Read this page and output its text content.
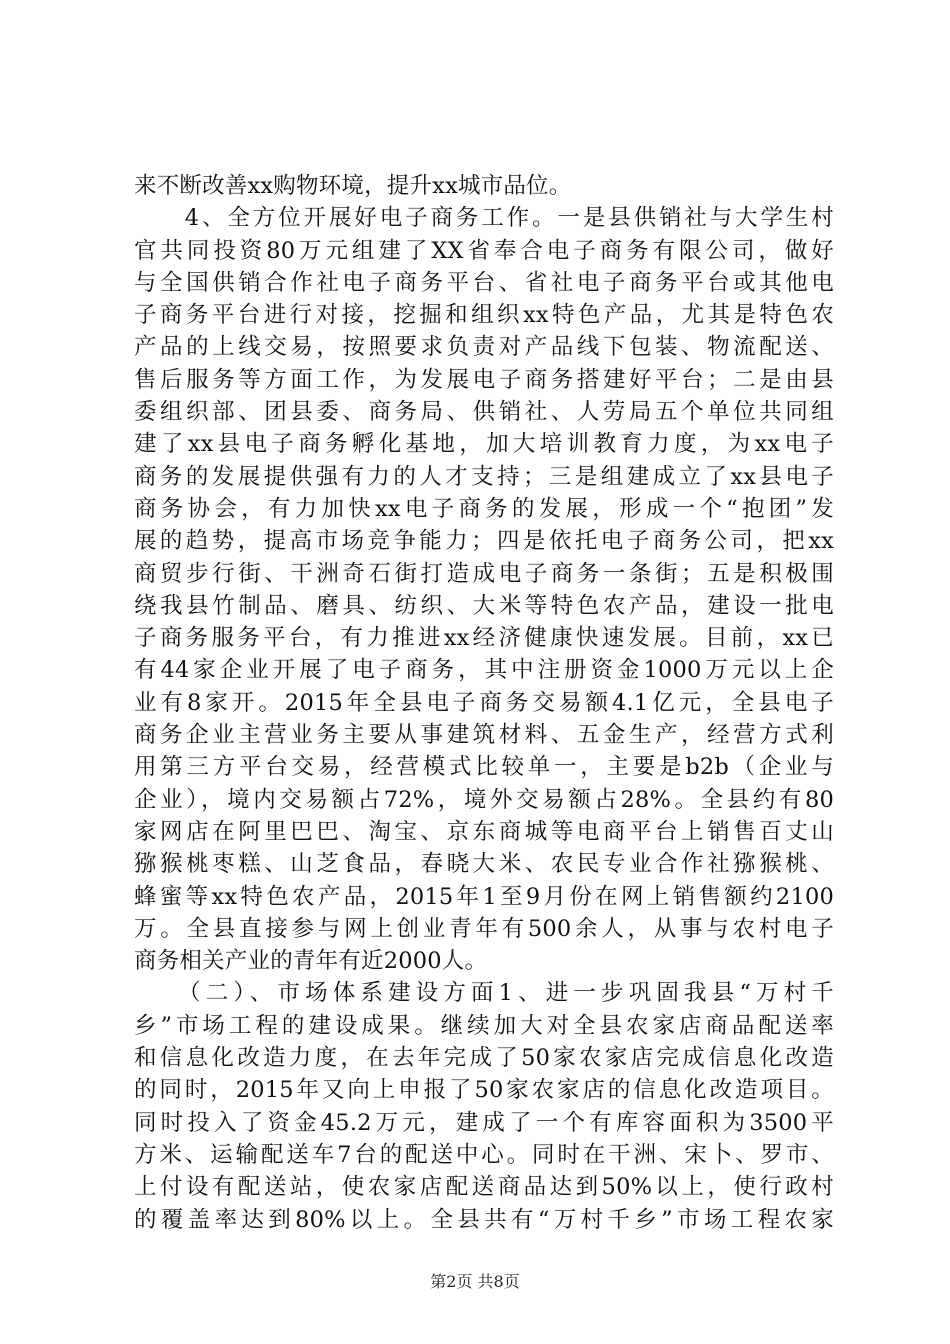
来不断改善xx购物环境，提升xx城市品位。
　　4、全方位开展好电子商务工作。一是县供销社与大学生村
官共同投资80万元组建了XX省奉合电子商务有限公司，做好
与全国供销合作社电子商务平台、省社电子商务平台或其他电
子商务平台进行对接，挖掘和组织xx特色产品，尤其是特色农
产品的上线交易，按照要求负责对产品线下包装、物流配送、
售后服务等方面工作，为发展电子商务搭建好平台；二是由县
委组织部、团县委、商务局、供销社、人劳局五个单位共同组
建了xx县电子商务孵化基地，加大培训教育力度，为xx电子
商务的发展提供强有力的人才支持；三是组建成立了xx县电子
商务协会，有力加快xx电子商务的发展，形成一个“抱团”发
展的趋势，提高市场竞争能力；四是依托电子商务公司，把xx
商贸步行街、干洲奇石街打造成电子商务一条街；五是积极围
绕我县竹制品、磨具、纺织、大米等特色农产品，建设一批电
子商务服务平台，有力推进xx经济健康快速发展。目前，xx已
有44家企业开展了电子商务，其中注册资金1000万元以上企
业有8家开。2015年全县电子商务交易额4.1亿元，全县电子
商务企业主营业务主要从事建筑材料、五金生产，经营方式利
用第三方平台交易，经营模式比较单一，主要是b2b（企业与
企业），境内交易额占72%，境外交易额占28%。全县约有80
家网店在阿里巴巴、淘宝、京东商城等电商平台上销售百丈山
猕猴桃枣糕、山芝食品，春晓大米、农民专业合作社猕猴桃、
蜂蜜等xx特色农产品，2015年1至9月份在网上销售额约2100
万。全县直接参与网上创业青年有500余人，从事与农村电子
商务相关产业的青年有近2000人。
　　（二）、市场体系建设方面1、进一步巩固我县“万村千
乡”市场工程的建设成果。继续加大对全县农家店商品配送率
和信息化改造力度，在去年完成了50家农家店完成信息化改造
的同时，2015年又向上申报了50家农家店的信息化改造项目。
同时投入了资金45.2万元，建成了一个有库容面积为3500平
方米、运输配送车7台的配送中心。同时在干洲、宋卜、罗市、
上付设有配送站，使农家店配送商品达到50%以上，使行政村
的覆盖率达到80%以上。全县共有“万村千乡”市场工程农家
第2页 共8页
